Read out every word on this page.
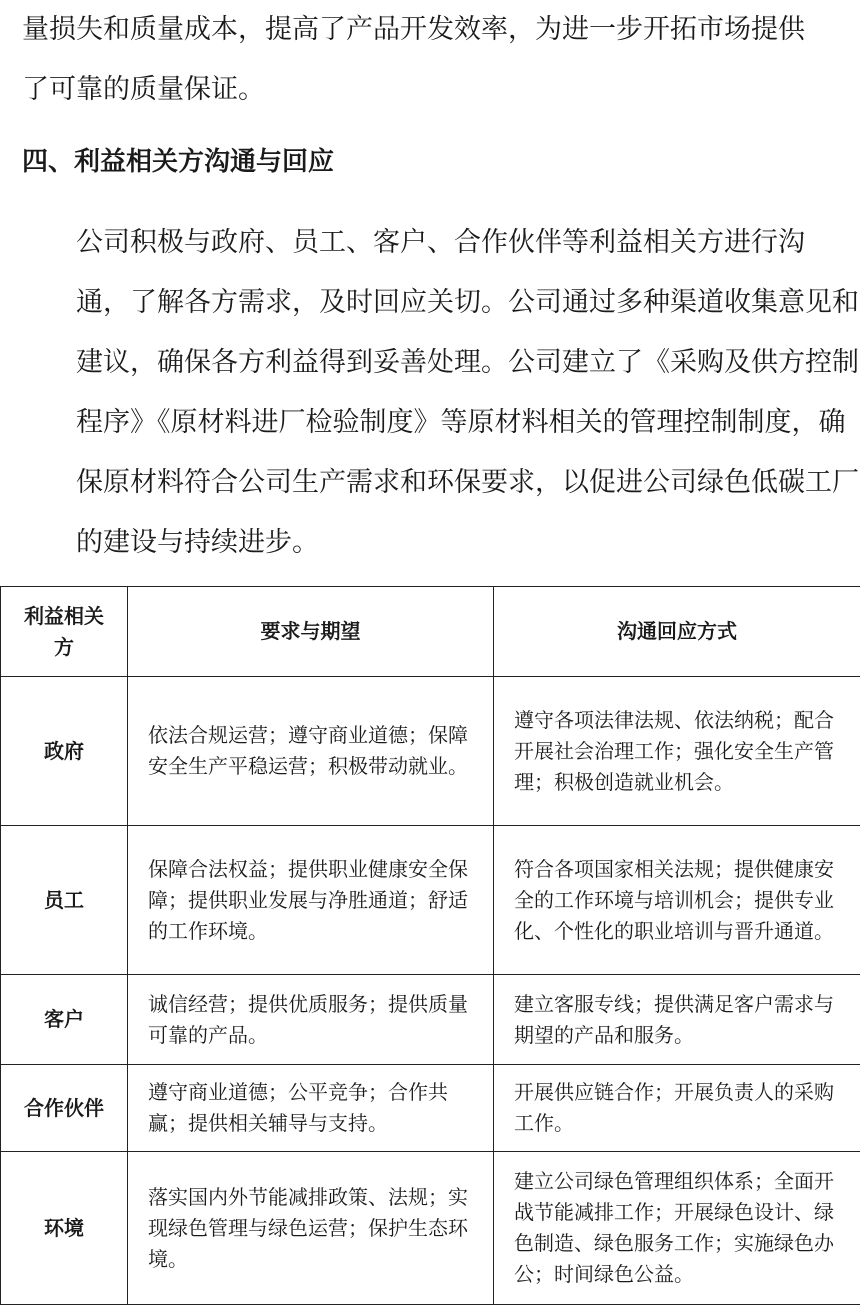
量损失和质量成本，提高了产品开发效率，为进一步开拓市场提供
了可靠的质量保证。

四、利益相关方沟通与回应

公司积极与政府、员工、客户、合作伙伴等利益相关方进行沟
通，了解各方需求，及时回应关切。公司通过多种渠道收集意见和
建议，确保各方利益得到妥善处理。公司建立了《采购及供方控制
程序》《原材料进厂检验制度》等原材料相关的管理控制制度，确
保原材料符合公司生产需求和环保要求，以促进公司绿色低碳工厂
的建设与持续进步。

利益相关方	要求与期望	沟通回应方式
政府	依法合规运营；遵守商业道德；保障安全生产平稳运营；积极带动就业。	遵守各项法律法规、依法纳税；配合开展社会治理工作；强化安全生产管理；积极创造就业机会。
员工	保障合法权益；提供职业健康安全保障；提供职业发展与净胜通道；舒适的工作环境。	符合各项国家相关法规；提供健康安全的工作环境与培训机会；提供专业化、个性化的职业培训与晋升通道。
客户	诚信经营；提供优质服务；提供质量可靠的产品。	建立客服专线；提供满足客户需求与期望的产品和服务。
合作伙伴	遵守商业道德；公平竞争；合作共赢；提供相关辅导与支持。	开展供应链合作；开展负责人的采购工作。
环境	落实国内外节能减排政策、法规；实现绿色管理与绿色运营；保护生态环境。	建立公司绿色管理组织体系；全面开战节能减排工作；开展绿色设计、绿色制造、绿色服务工作；实施绿色办公；时间绿色公益。
